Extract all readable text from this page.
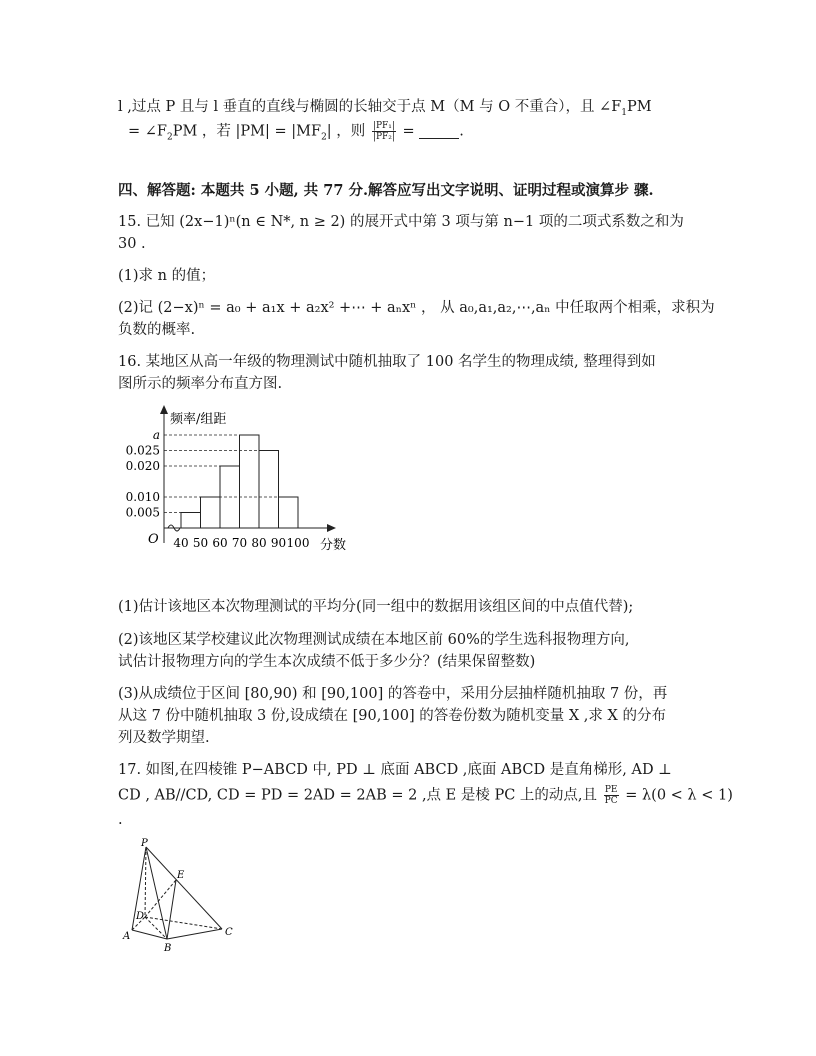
l ,过点 P 且与 l 垂直的直线与椭圆的长轴交于点 M（M 与 O 不重合），且 $\angle F_1PM$
= $\angle F_2PM$ ，若 $|PM| = |MF_2|$ ，则 $\frac{\text{|PF₁|}}{\text{|PF₂|}}$ =	.
四、解答题: 本题共 5 小题, 共 77 分.解答应写出文字说明、证明过程或演算步 骤.
15. 已知 (2x−1)ⁿ(n ∈ N*, n ≥ 2) 的展开式中第 3 项与第 n−1 项的二项式系数之和为
30 .
(1)求 n 的值；
(2)记 (2−x)ⁿ = a₀ + a₁x + a₂x² +⋯ + aₙxⁿ ， 从 a₀,a₁,a₂,⋯,aₙ 中任取两个相乘，求积为
负数的概率.
16. 某地区从高一年级的物理测试中随机抽取了 100 名学生的物理成绩, 整理得到如
图所示的频率分布直方图.
频率/组距
分数
O
a
0.025
0.020
0.010
0.005
40 50 60 70 80 90 100
(1)估计该地区本次物理测试的平均分(同一组中的数据用该组区间的中点值代替);
(2)该地区某学校建议此次物理测试成绩在本地区前 60%的学生选科报物理方向,
试估计报物理方向的学生本次成绩不低于多少分？(结果保留整数)
(3)从成绩位于区间 [80,90) 和 [90,100] 的答卷中，采用分层抽样随机抽取 7 份，再
从这 7 份中随机抽取 3 份,设成绩在 [90,100] 的答卷份数为随机变量 X ,求 X 的分布
列及数学期望.
17. 如图,在四棱锥 P−ABCD 中, PD ⊥ 底面 ABCD ,底面 ABCD 是直角梯形, AD ⊥
CD , AB//CD, CD = PD = 2AD = 2AB = 2 ,点 E 是棱 PC 上的动点,且 $\frac{PE}{PC} = \lambda(0 < \lambda < 1)$
.
P
E
D
A
B
C
